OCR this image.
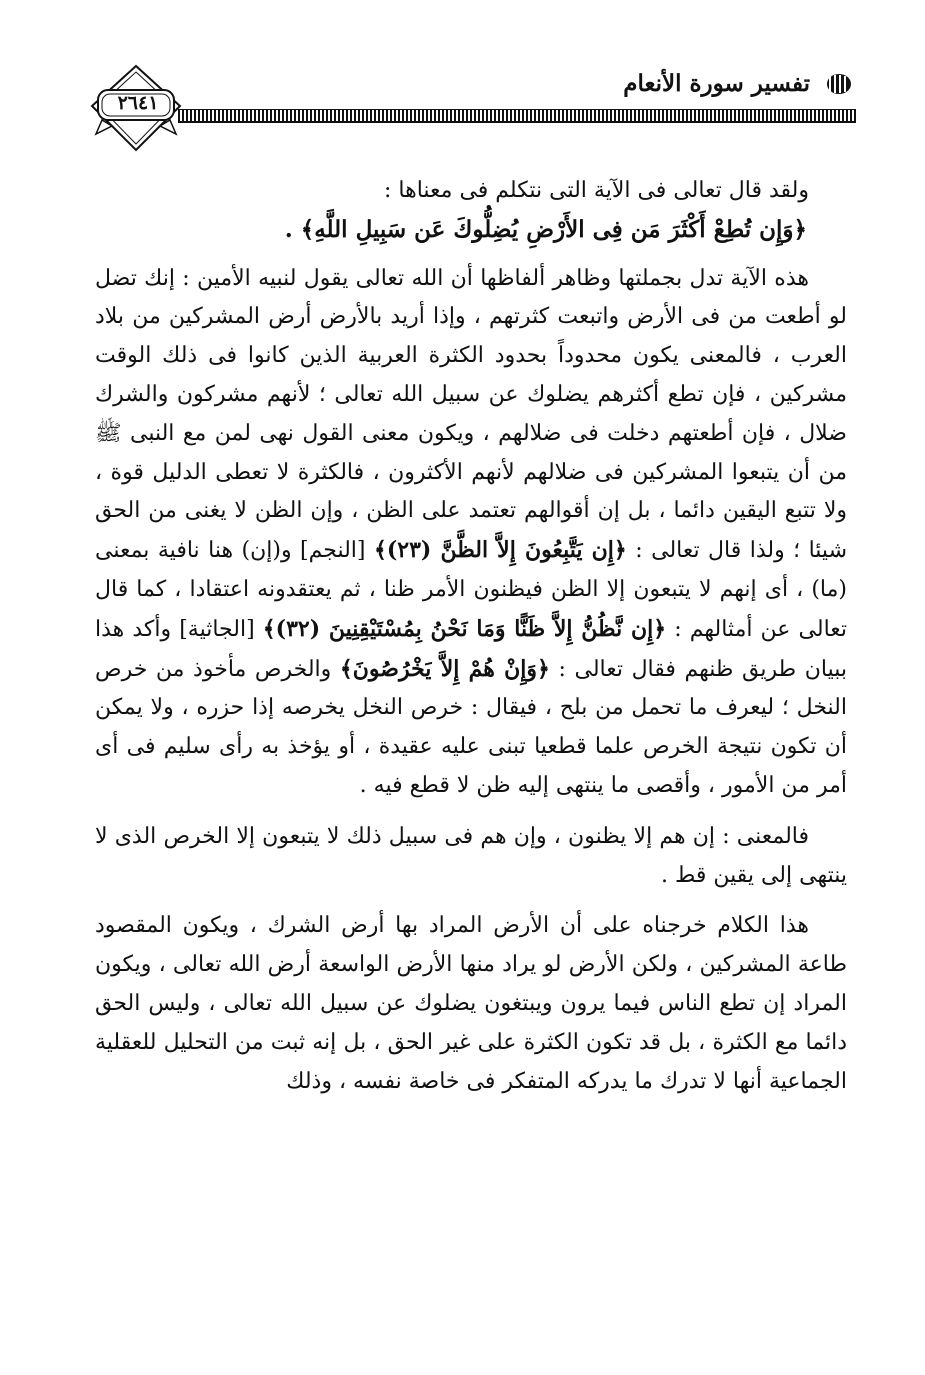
٢٦٤١
تفسير سورة الأنعام

ولقد قال تعالى فى الآية التى نتكلم فى معناها :

﴿وَإِن تُطِعْ أَكْثَرَ مَن فِى الأَرْضِ يُضِلُّوكَ عَن سَبِيلِ اللَّهِ﴾ .

هذه الآية تدل بجملتها وظاهر ألفاظها أن الله تعالى يقول لنبيه الأمين : إنك تضل لو أطعت من فى الأرض واتبعت كثرتهم ، وإذا أريد بالأرض أرض المشركين من بلاد العرب ، فالمعنى يكون محدوداً بحدود الكثرة العربية الذين كانوا فى ذلك الوقت مشركين ، فإن تطع أكثرهم يضلوك عن سبيل الله تعالى ؛ لأنهم مشركون والشرك ضلال ، فإن أطعتهم دخلت فى ضلالهم ، ويكون معنى القول نهى لمن مع النبى ﷺ من أن يتبعوا المشركين فى ضلالهم لأنهم الأكثرون ، فالكثرة لا تعطى الدليل قوة ، ولا تتبع اليقين دائما ، بل إن أقوالهم تعتمد على الظن ، وإن الظن لا يغنى من الحق شيئا ؛ ولذا قال تعالى : ﴿إِن يَتَّبِعُونَ إِلاَّ الظَّنَّ (٢٣)﴾ [النجم] و(إن) هنا نافية بمعنى (ما) ، أى إنهم لا يتبعون إلا الظن فيظنون الأمر ظنا ، ثم يعتقدونه اعتقادا ، كما قال تعالى عن أمثالهم : ﴿إِن نَّظُنُّ إِلاَّ ظَنًّا وَمَا نَحْنُ بِمُسْتَيْقِنِينَ (٣٢)﴾ [الجاثية] وأكد هذا ببيان طريق ظنهم فقال تعالى : ﴿وَإِنْ هُمْ إِلاَّ يَخْرُصُونَ﴾ والخرص مأخوذ من خرص النخل ؛ ليعرف ما تحمل من بلح ، فيقال : خرص النخل يخرصه إذا حزره ، ولا يمكن أن تكون نتيجة الخرص علما قطعيا تبنى عليه عقيدة ، أو يؤخذ به رأى سليم فى أى أمر من الأمور ، وأقصى ما ينتهى إليه ظن لا قطع فيه .

فالمعنى : إن هم إلا يظنون ، وإن هم فى سبيل ذلك لا يتبعون إلا الخرص الذى لا ينتهى إلى يقين قط .

هذا الكلام خرجناه على أن الأرض المراد بها أرض الشرك ، ويكون المقصود طاعة المشركين ، ولكن الأرض لو يراد منها الأرض الواسعة أرض الله تعالى ، ويكون المراد إن تطع الناس فيما يرون ويبتغون يضلوك عن سبيل الله تعالى ، وليس الحق دائما مع الكثرة ، بل قد تكون الكثرة على غير الحق ، بل إنه ثبت من التحليل للعقلية الجماعية أنها لا تدرك ما يدركه المتفكر فى خاصة نفسه ، وذلك
